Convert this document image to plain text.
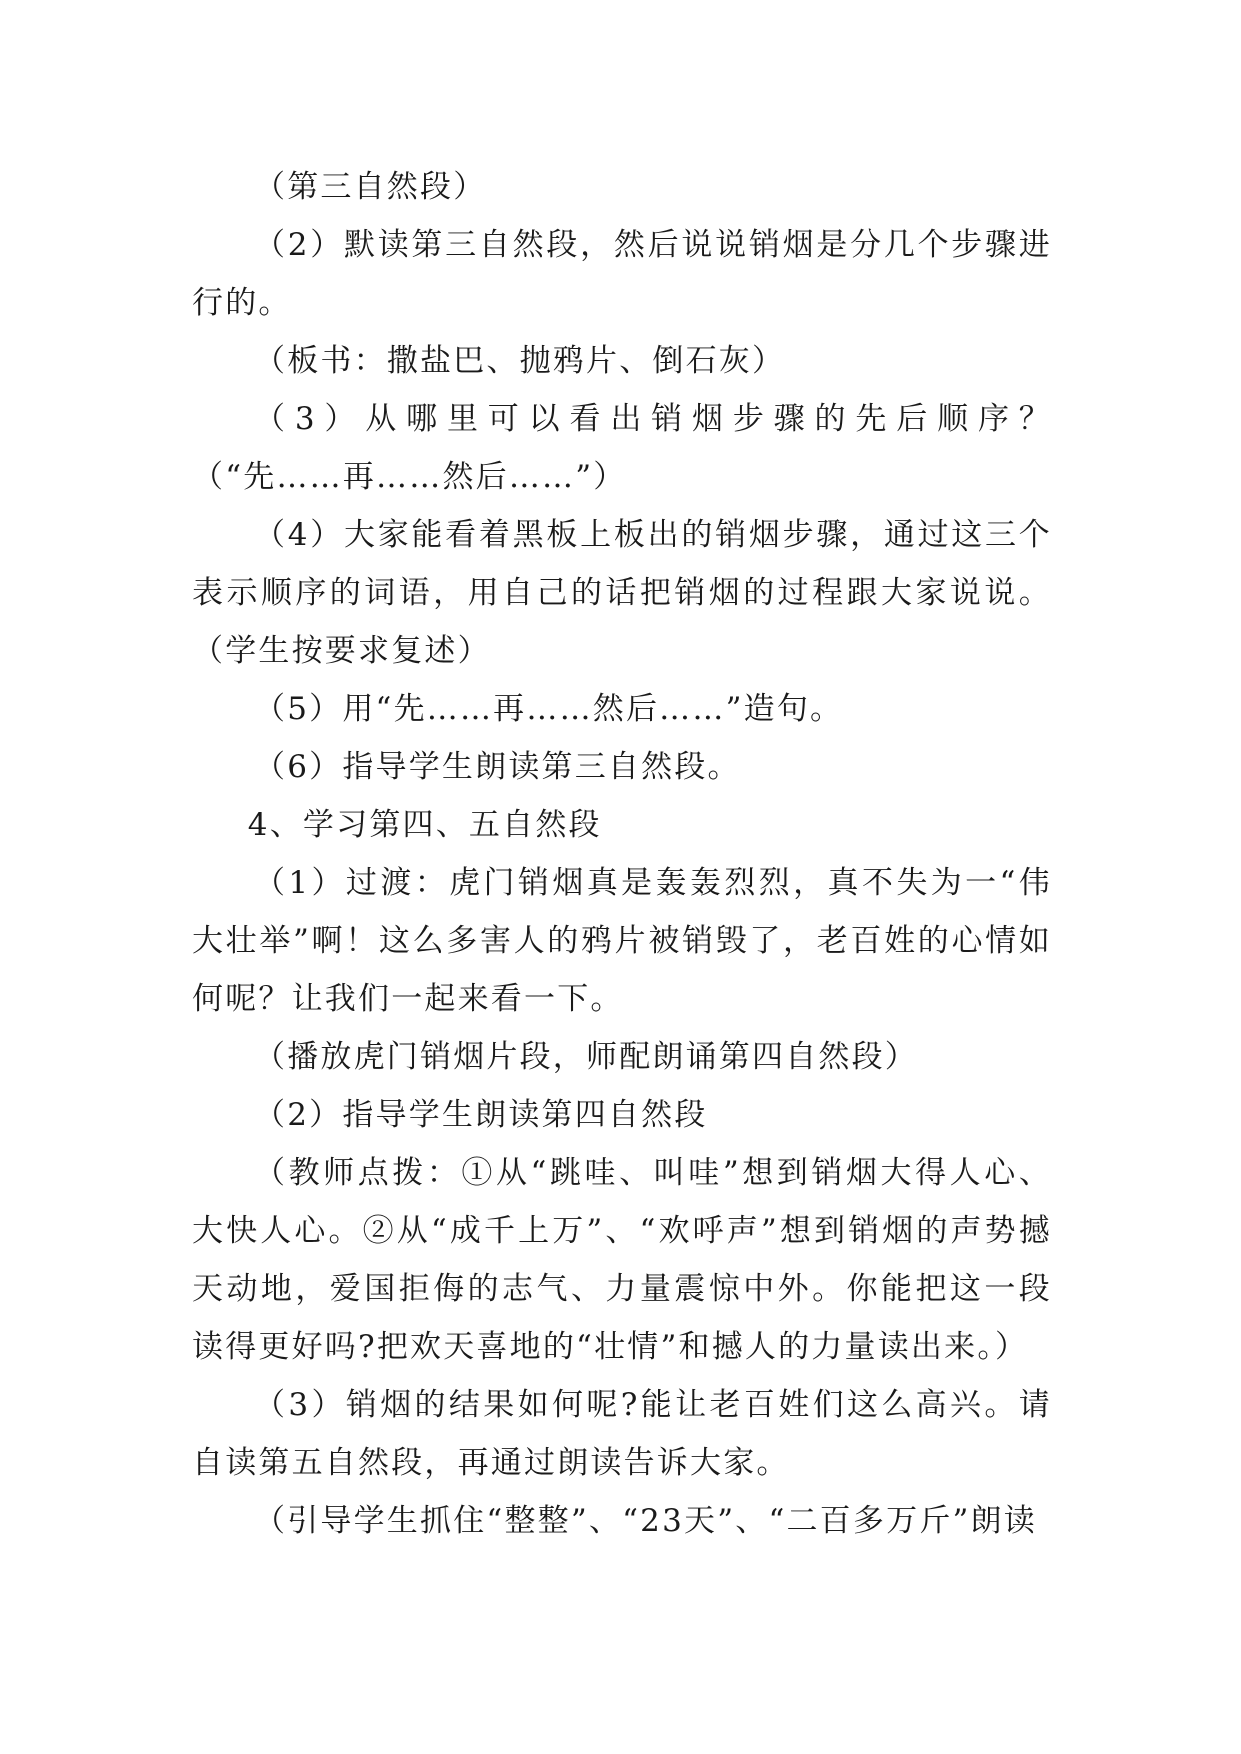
（第三自然段）

（2）默读第三自然段，然后说说销烟是分几个步骤进行的。

（板书：撒盐巴、抛鸦片、倒石灰）

（3）从哪里可以看出销烟步骤的先后顺序？（“先……再……然后……”）

（4）大家能看着黑板上板出的销烟步骤，通过这三个表示顺序的词语，用自己的话把销烟的过程跟大家说说。（学生按要求复述）

（5）用“先……再……然后……”造句。

（6）指导学生朗读第三自然段。

4、学习第四、五自然段

（1）过渡：虎门销烟真是轰轰烈烈，真不失为一“伟大壮举”啊！这么多害人的鸦片被销毁了，老百姓的心情如何呢？让我们一起来看一下。

（播放虎门销烟片段，师配朗诵第四自然段）

（2）指导学生朗读第四自然段

（教师点拨：①从“跳哇、叫哇”想到销烟大得人心、大快人心。②从“成千上万”、“欢呼声”想到销烟的声势撼天动地，爱国拒侮的志气、力量震惊中外。你能把这一段读得更好吗?把欢天喜地的“壮情”和撼人的力量读出来。）

（3）销烟的结果如何呢?能让老百姓们这么高兴。请自读第五自然段，再通过朗读告诉大家。

（引导学生抓住“整整”、“23天”、“二百多万斤”朗读
